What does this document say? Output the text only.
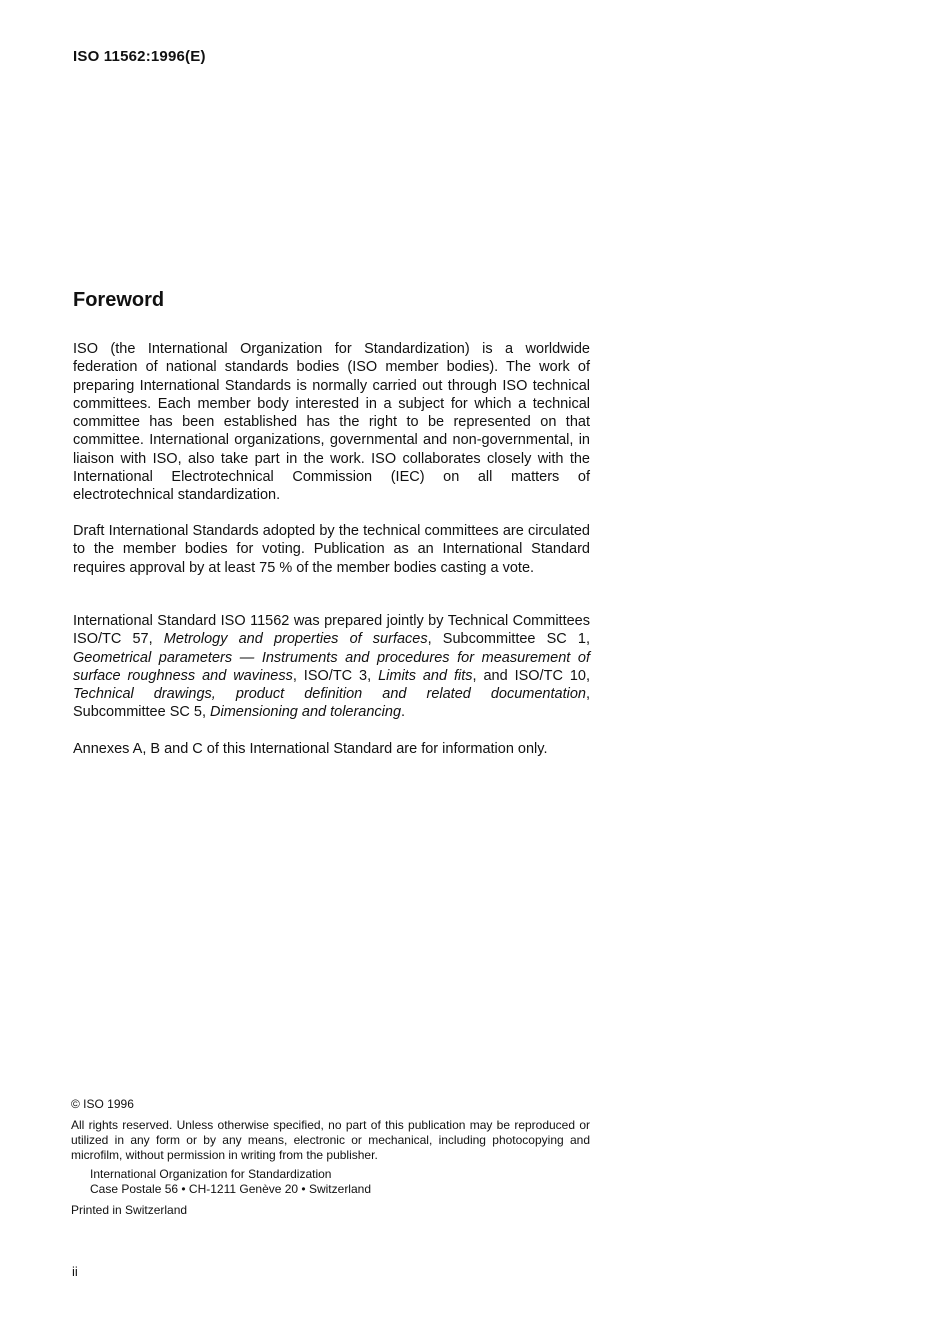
ISO 11562:1996(E)
Foreword

ISO (the International Organization for Standardization) is a worldwide federation of national standards bodies (ISO member bodies). The work of preparing International Standards is normally carried out through ISO technical committees. Each member body interested in a subject for which a technical committee has been established has the right to be represented on that committee. International organizations, governmental and non-governmental, in liaison with ISO, also take part in the work. ISO collaborates closely with the International Electrotechnical Commission (IEC) on all matters of electrotechnical standardization.

Draft International Standards adopted by the technical committees are circulated to the member bodies for voting. Publication as an International Standard requires approval by at least 75 % of the member bodies casting a vote.

International Standard ISO 11562 was prepared jointly by Technical Committees ISO/TC 57, Metrology and properties of surfaces, Subcommittee SC 1, Geometrical parameters — Instruments and procedures for measurement of surface roughness and waviness, ISO/TC 3, Limits and fits, and ISO/TC 10, Technical drawings, product definition and related documentation, Subcommittee SC 5, Dimensioning and tolerancing.

Annexes A, B and C of this International Standard are for information only.

© ISO 1996

All rights reserved. Unless otherwise specified, no part of this publication may be reproduced or utilized in any form or by any means, electronic or mechanical, including photocopying and microfilm, without permission in writing from the publisher.

International Organization for Standardization

Case Postale 56 • CH-1211 Genève 20 • Switzerland

Printed in Switzerland

ii
